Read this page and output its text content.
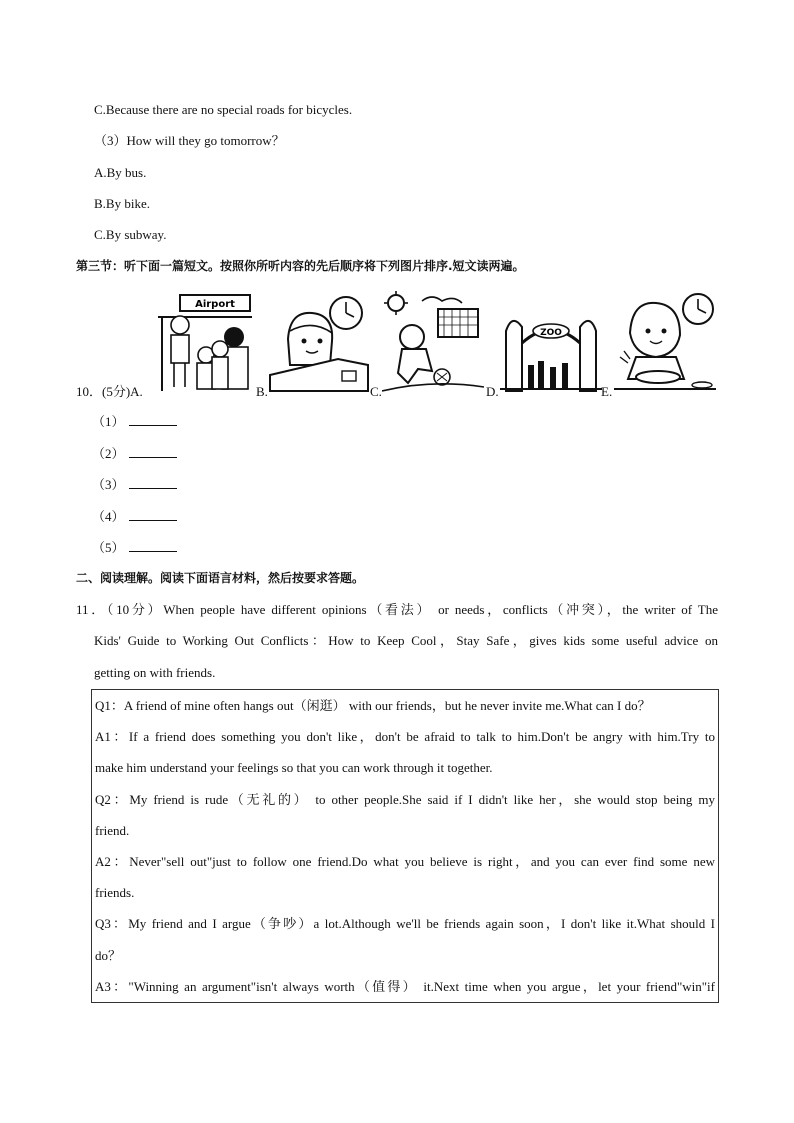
C.Because there are no special roads for bicycles.
（3）How will they go tomorrow？
A.By bus.
B.By bike.
C.By subway.
第三节：听下面一篇短文。按照你所听内容的先后顺序将下列图片排序.短文读两遍。
Airport
ZOO
10．(5分)A.	B.	C.	D.	E.
（1）
（2）
（3）
（4）
（5）
二、阅读理解。阅读下面语言材料，然后按要求答题。
11．（10分）When people have different opinions（看法） or needs，conflicts（冲突），the writer of The
Kids' Guide to Working Out Conflicts：How to Keep Cool，Stay Safe，gives kids some useful advice on
getting on with friends.
Q1：A friend of mine often hangs out（闲逛） with our friends，but he never invite me.What can I do？
A1：If a friend does something you don't like，don't be afraid to talk to him.Don't be angry with him.Try to
make him understand your feelings so that you can work through it together.
Q2：My friend is rude（无礼的） to other people.She said if I didn't like her，she would stop being my
friend.
A2：Never"sell out"just to follow one friend.Do what you believe is right，and you can ever find some new
friends.
Q3：My friend and I argue（争吵）a lot.Although we'll be friends again soon，I don't like it.What should I
do？
A3："Winning an argument"isn't always worth（值得） it.Next time when you argue，let your friend"win"if
